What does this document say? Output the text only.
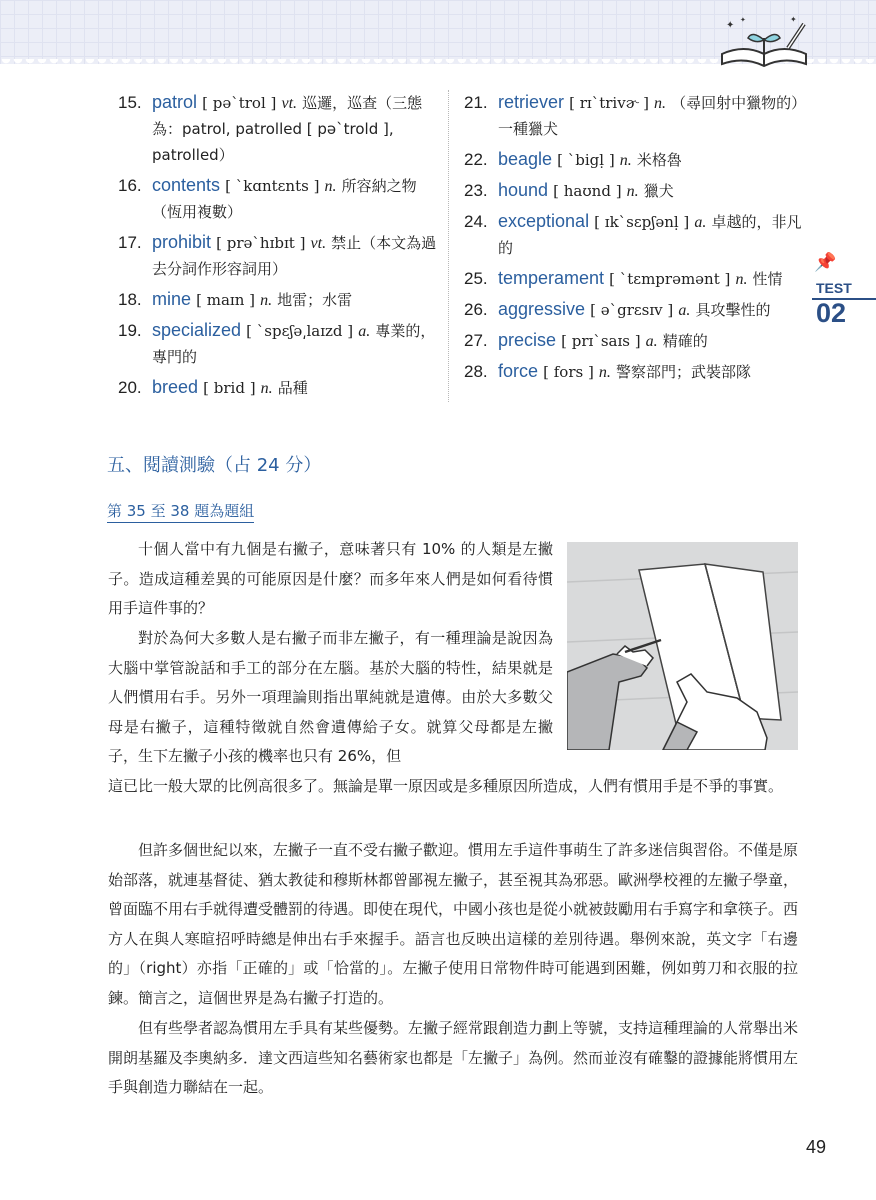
✦ ✦	✦
15. patrol [ pəˋtrol ] vt. 巡邏，巡查（三態為：patrol, patrolled [ pəˋtrold ], patrolled）
16. contents [ ˋkɑntɛnts ] n. 所容納之物（恆用複數）
17. prohibit [ prəˋhɪbɪt ] vt. 禁止（本文為過去分詞作形容詞用）
18. mine [ maɪn ] n. 地雷；水雷
19. specialized [ ˋspɛʃə͵laɪzd ] a. 專業的，專門的
20. breed [ brid ] n. 品種
21. retriever [ rɪˋtrivɚ ] n. （尋回射中獵物的）一種獵犬
22. beagle [ ˋbigḷ ] n. 米格魯
23. hound [ haʊnd ] n. 獵犬
24. exceptional [ ɪkˋsɛpʃənḷ ] a. 卓越的，非凡的
25. temperament [ ˋtɛmprəmənt ] n. 性情
26. aggressive [ əˋgrɛsɪv ] a. 具攻擊性的
27. precise [ prɪˋsaɪs ] a. 精確的
28. force [ fors ] n. 警察部門；武裝部隊
📌
TEST
02
五、閱讀測驗（占 24 分）
第 35 至 38 題為題組

十個人當中有九個是右撇子，意味著只有 10% 的人類是左撇子。造成這種差異的可能原因是什麼？而多年來人們是如何看待慣用手這件事的？

對於為何大多數人是右撇子而非左撇子，有一種理論是說因為大腦中掌管說話和手工的部分在左腦。基於大腦的特性，結果就是人們慣用右手。另外一項理論則指出單純就是遺傳。由於大多數父母是右撇子，這種特徵就自然會遺傳給子女。就算父母都是左撇子，生下左撇子小孩的機率也只有 26%，但

這已比一般大眾的比例高很多了。無論是單一原因或是多種原因所造成，人們有慣用手是不爭的事實。

但許多個世紀以來，左撇子一直不受右撇子歡迎。慣用左手這件事萌生了許多迷信與習俗。不僅是原始部落，就連基督徒、猶太教徒和穆斯林都曾鄙視左撇子，甚至視其為邪惡。歐洲學校裡的左撇子學童，曾面臨不用右手就得遭受體罰的待遇。即使在現代，中國小孩也是從小就被鼓勵用右手寫字和拿筷子。西方人在與人寒暄招呼時總是伸出右手來握手。語言也反映出這樣的差別待遇。舉例來說，英文字「右邊的」（right）亦指「正確的」或「恰當的」。左撇子使用日常物件時可能遇到困難，例如剪刀和衣服的拉鍊。簡言之，這個世界是為右撇子打造的。

但有些學者認為慣用左手具有某些優勢。左撇子經常跟創造力劃上等號，支持這種理論的人常舉出米開朗基羅及李奧納多．達文西這些知名藝術家也都是「左撇子」為例。然而並沒有確鑿的證據能將慣用左手與創造力聯結在一起。

49
